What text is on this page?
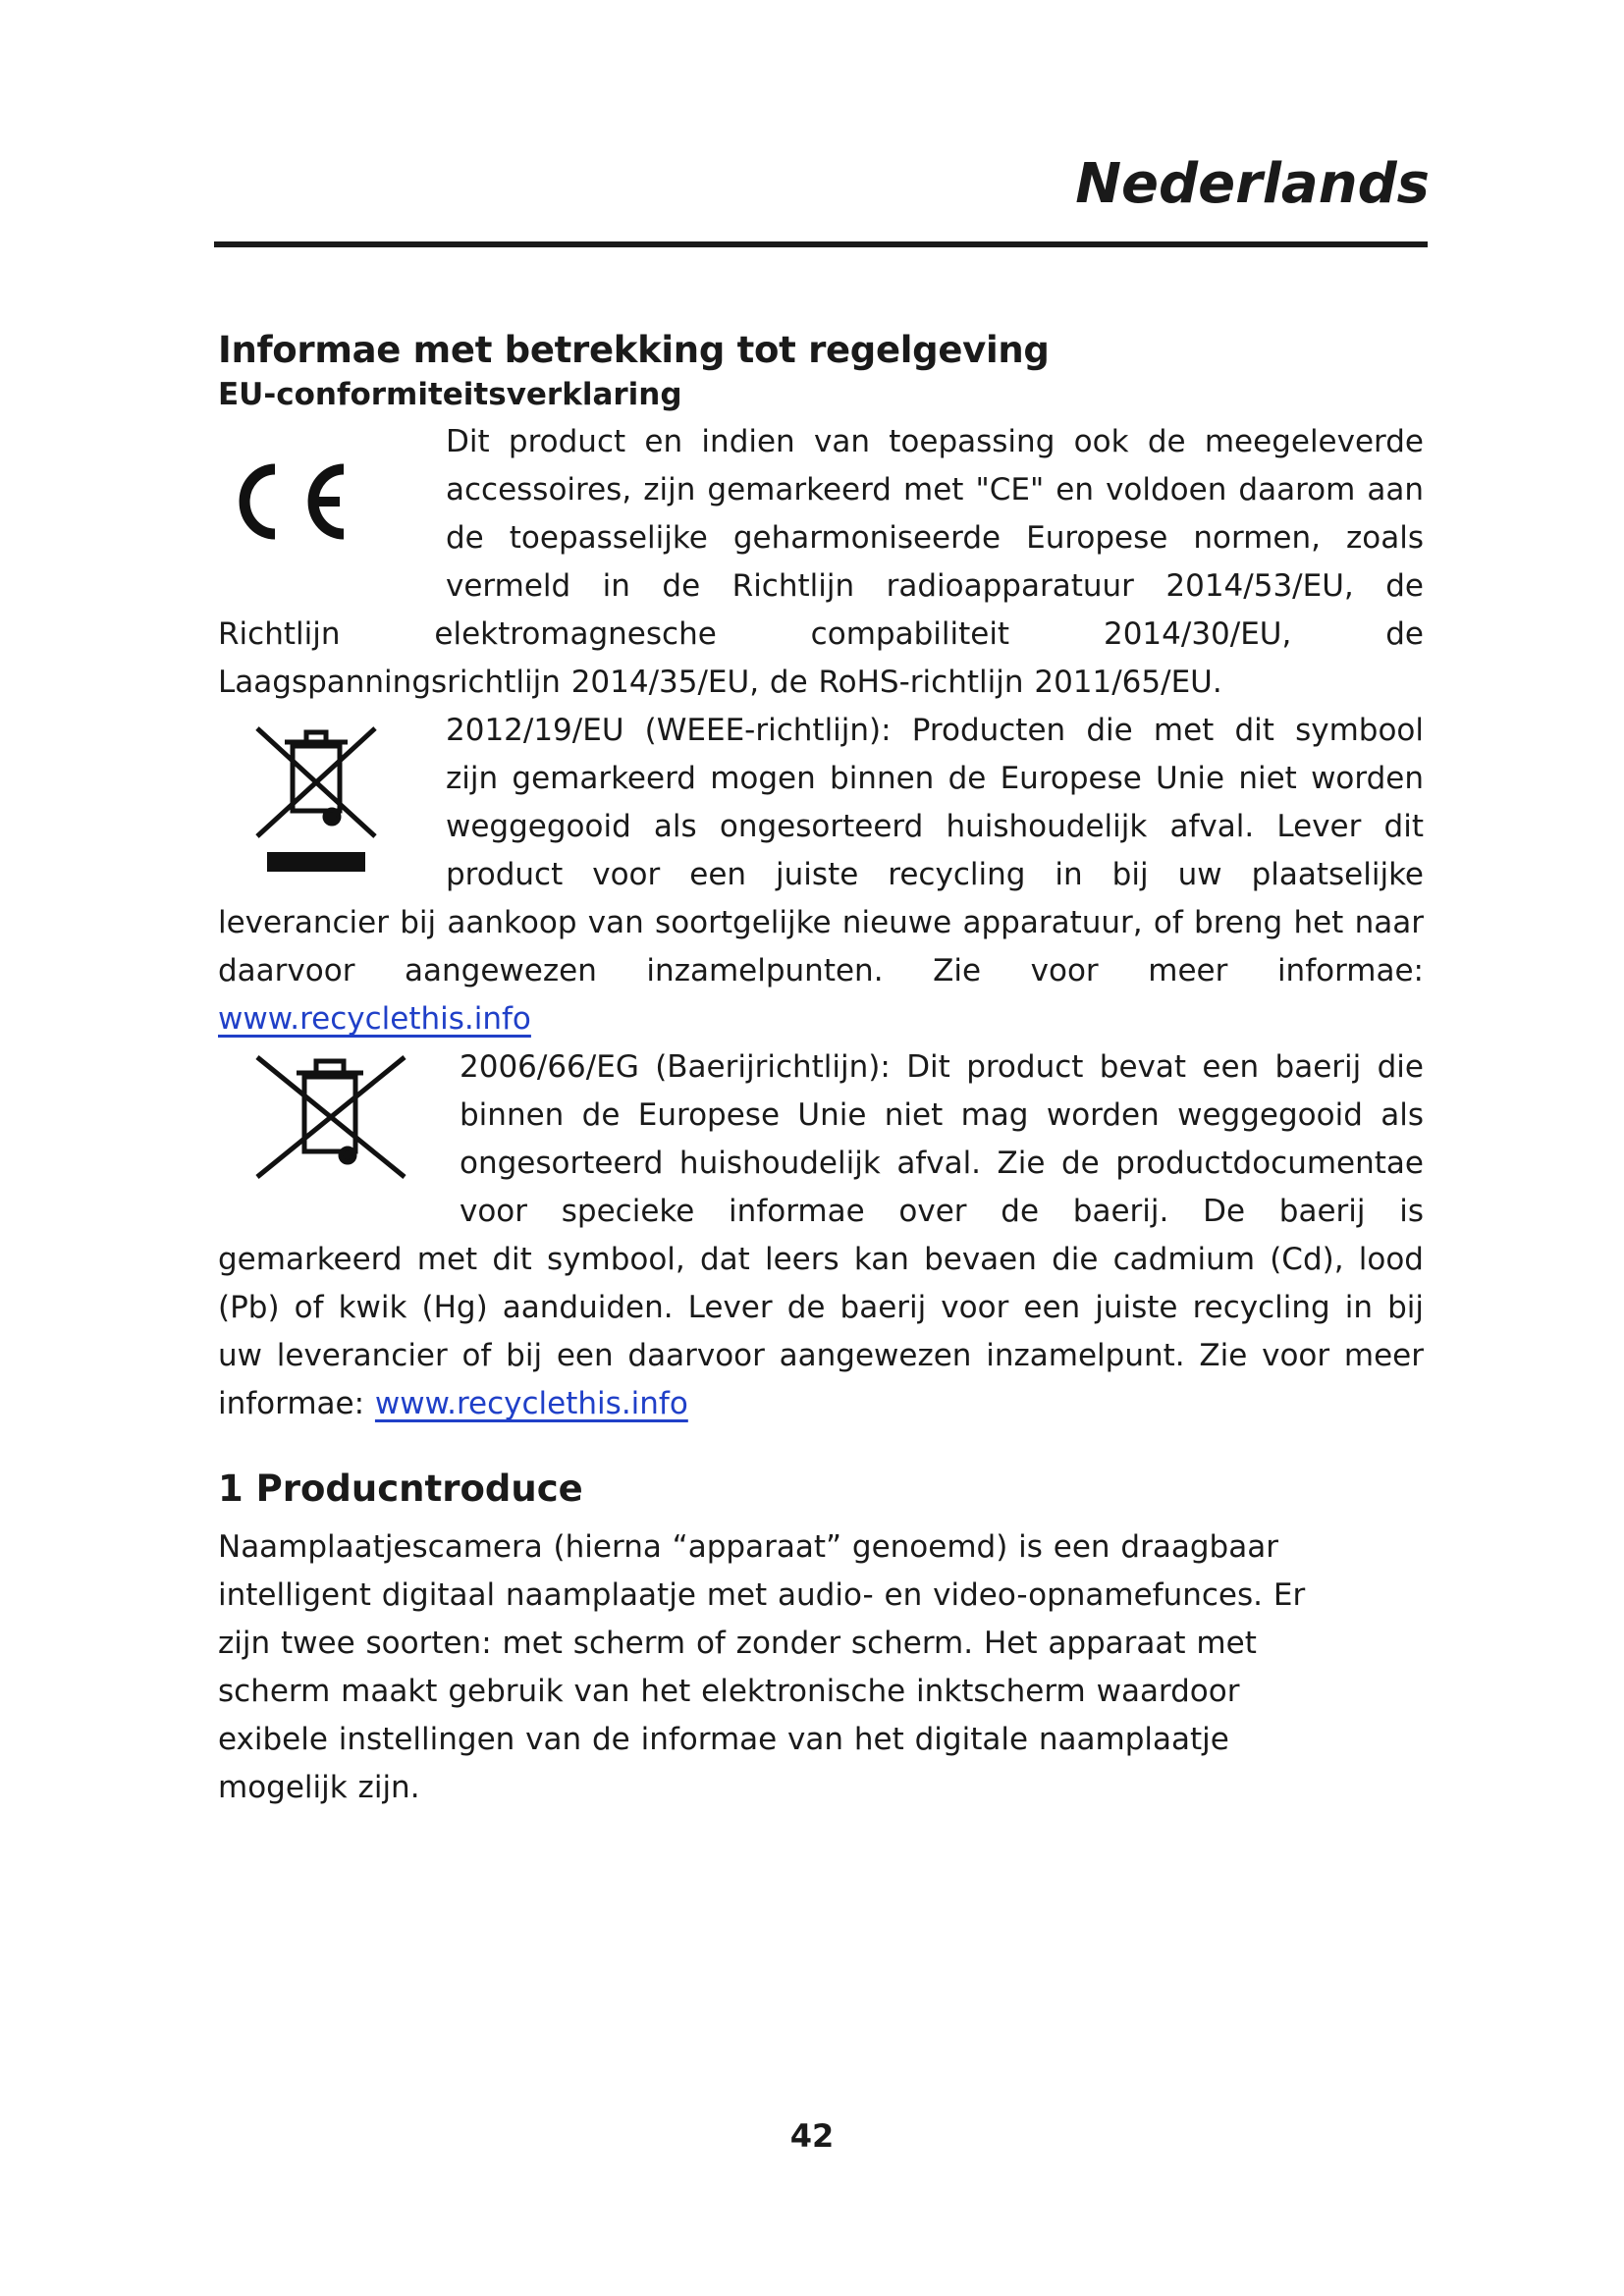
Nederlands
Informae met betrekking tot regelgeving
EU-conformiteitsverklaring

Dit product en indien van toepassing ook de meegeleverde accessoires, zijn gemarkeerd met "CE" en voldoen daarom aan de toepasselijke geharmoniseerde Europese normen, zoals vermeld in de Richtlijn radioapparatuur 2014/53/EU, de Richtlijn elektromagnesche compabiliteit 2014/30/EU, de Laagspanningsrichtlijn 2014/35/EU, de RoHS-richtlijn 2011/65/EU.

2012/19/EU (WEEE-richtlijn): Producten die met dit symbool zijn gemarkeerd mogen binnen de Europese Unie niet worden weggegooid als ongesorteerd huishoudelijk afval. Lever dit product voor een juiste recycling in bij uw plaatselijke leverancier bij aankoop van soortgelijke nieuwe apparatuur, of breng het naar daarvoor aangewezen inzamelpunten. Zie voor meer informae: www.recyclethis.info

2006/66/EG (Baerijrichtlijn): Dit product bevat een baerij die binnen de Europese Unie niet mag worden weggegooid als ongesorteerd huishoudelijk afval. Zie de productdocumentae voor specieke informae over de baerij. De baerij is gemarkeerd met dit symbool, dat leers kan bevaen die cadmium (Cd), lood (Pb) of kwik (Hg) aanduiden. Lever de baerij voor een juiste recycling in bij uw leverancier of bij een daarvoor aangewezen inzamelpunt. Zie voor meer informae: www.recyclethis.info

1 Producntroduce

Naamplaatjescamera (hierna “apparaat” genoemd) is een draagbaar intelligent digitaal naamplaatje met audio- en video-opnamefunces. Er zijn twee soorten: met scherm of zonder scherm. Het apparaat met scherm maakt gebruik van het elektronische inktscherm waardoor exibele instellingen van de informae van het digitale naamplaatje mogelijk zijn.

42
